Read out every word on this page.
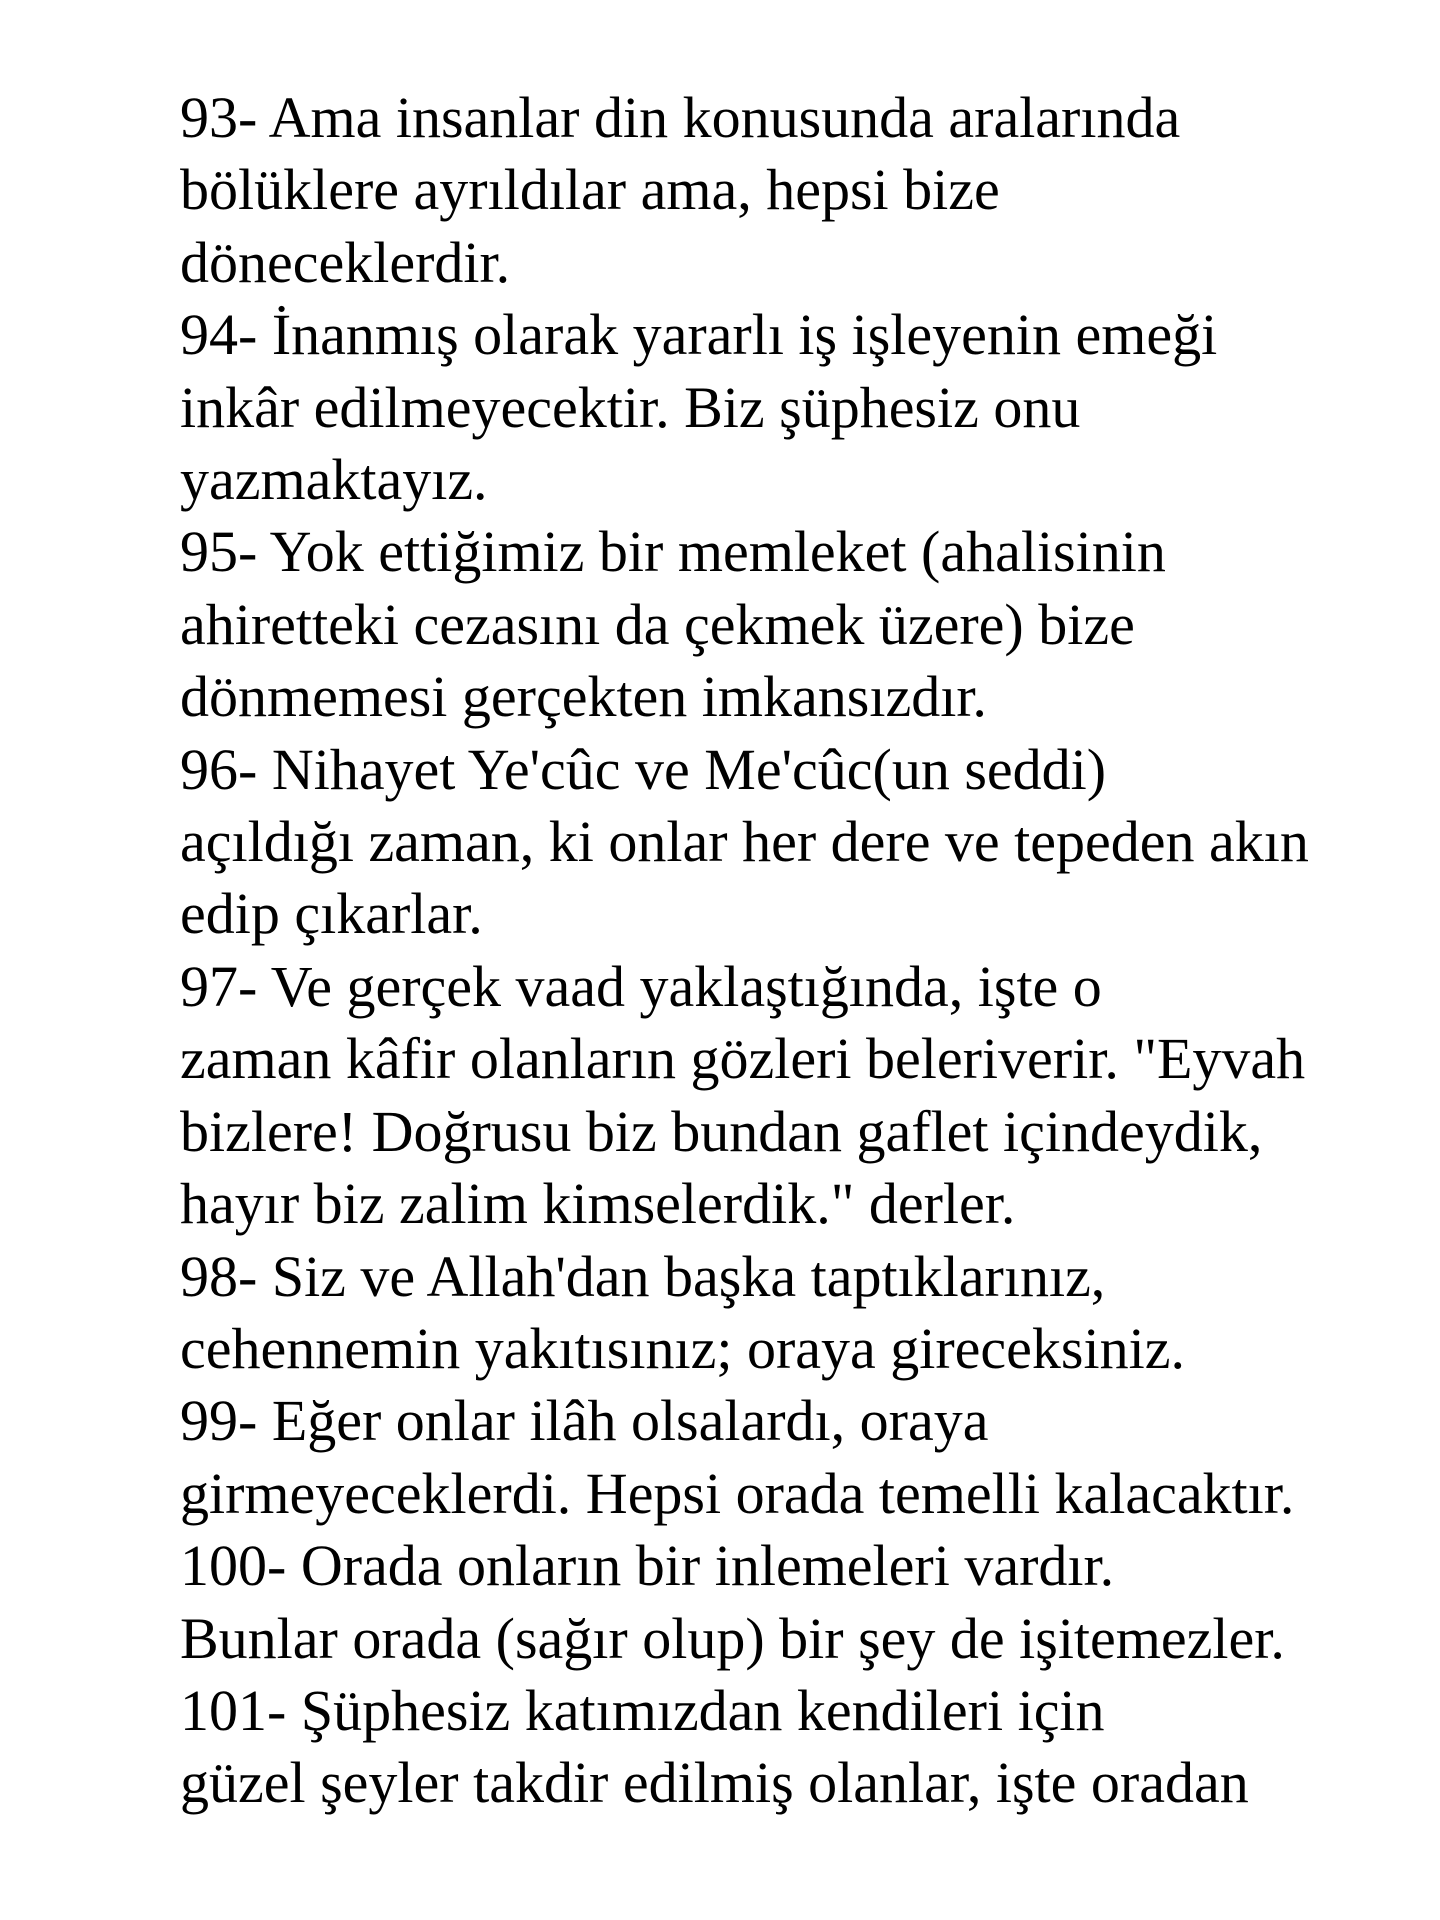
93- Ama insanlar din konusunda aralarında
bölüklere ayrıldılar ama, hepsi bize
döneceklerdir.

94- İnanmış olarak yararlı iş işleyenin emeği
inkâr edilmeyecektir. Biz şüphesiz onu
yazmaktayız.

95- Yok ettiğimiz bir memleket (ahalisinin
ahiretteki cezasını da çekmek üzere) bize
dönmemesi gerçekten imkansızdır.

96- Nihayet Ye'cûc ve Me'cûc(un seddi)
açıldığı zaman, ki onlar her dere ve tepeden akın
edip çıkarlar.

97- Ve gerçek vaad yaklaştığında, işte o
zaman kâfir olanların gözleri beleriverir. "Eyvah
bizlere! Doğrusu biz bundan gaflet içindeydik,
hayır biz zalim kimselerdik." derler.

98- Siz ve Allah'dan başka taptıklarınız,
cehennemin yakıtısınız; oraya gireceksiniz.

99- Eğer onlar ilâh olsalardı, oraya
girmeyeceklerdi. Hepsi orada temelli kalacaktır.

100- Orada onların bir inlemeleri vardır.
Bunlar orada (sağır olup) bir şey de işitemezler.

101- Şüphesiz katımızdan kendileri için
güzel şeyler takdir edilmiş olanlar, işte oradan
